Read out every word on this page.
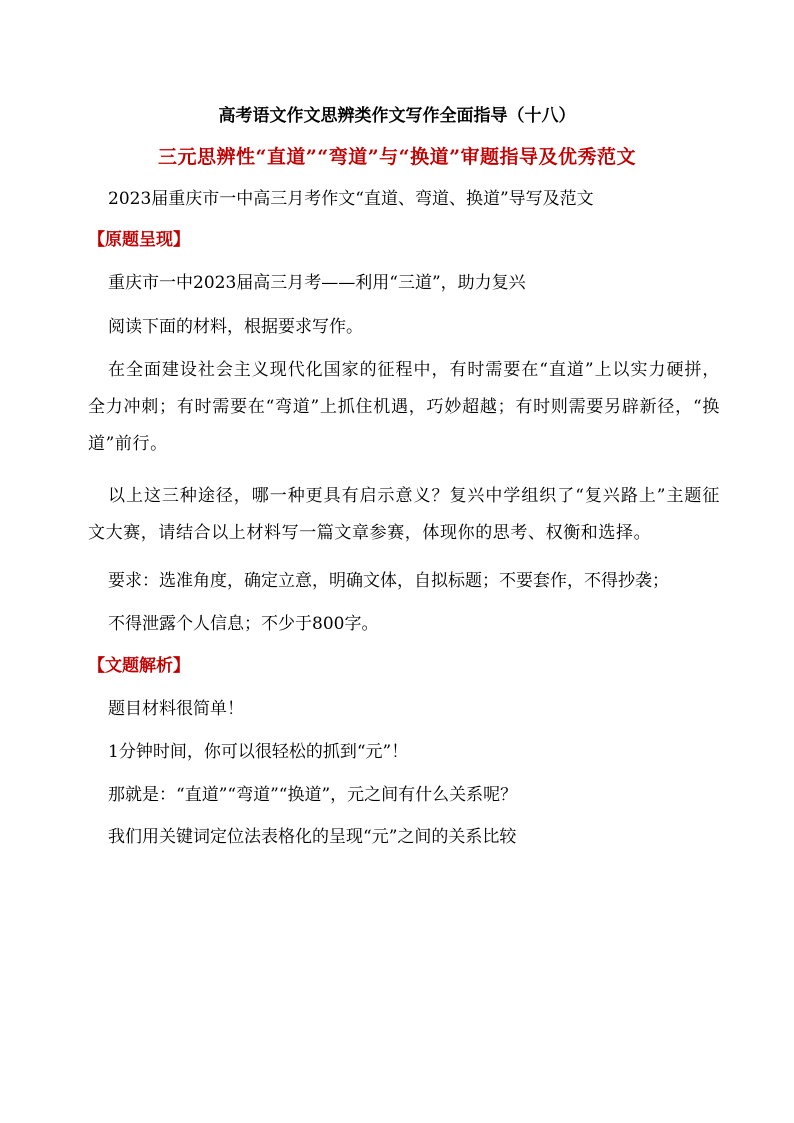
高考语文作文思辨类作文写作全面指导（十八）
三元思辨性“直道”“弯道”与“换道”审题指导及优秀范文
2023届重庆市一中高三月考作文“直道、弯道、换道”导写及范文
【原题呈现】
重庆市一中2023届高三月考——利用“三道”，助力复兴
阅读下面的材料，根据要求写作。
在全面建设社会主义现代化国家的征程中，有时需要在“直道”上以实力硬拼，全力冲刺；有时需要在“弯道”上抓住机遇，巧妙超越；有时则需要另辟新径，“换道”前行。
以上这三种途径，哪一种更具有启示意义？复兴中学组织了“复兴路上”主题征文大赛，请结合以上材料写一篇文章参赛，体现你的思考、权衡和选择。
要求：选准角度，确定立意，明确文体，自拟标题；不要套作，不得抄袭；
不得泄露个人信息；不少于800字。
【文题解析】
题目材料很简单！
1分钟时间，你可以很轻松的抓到“元”！
那就是：“直道”“弯道”“换道”，元之间有什么关系呢？
我们用关键词定位法表格化的呈现“元”之间的关系比较
